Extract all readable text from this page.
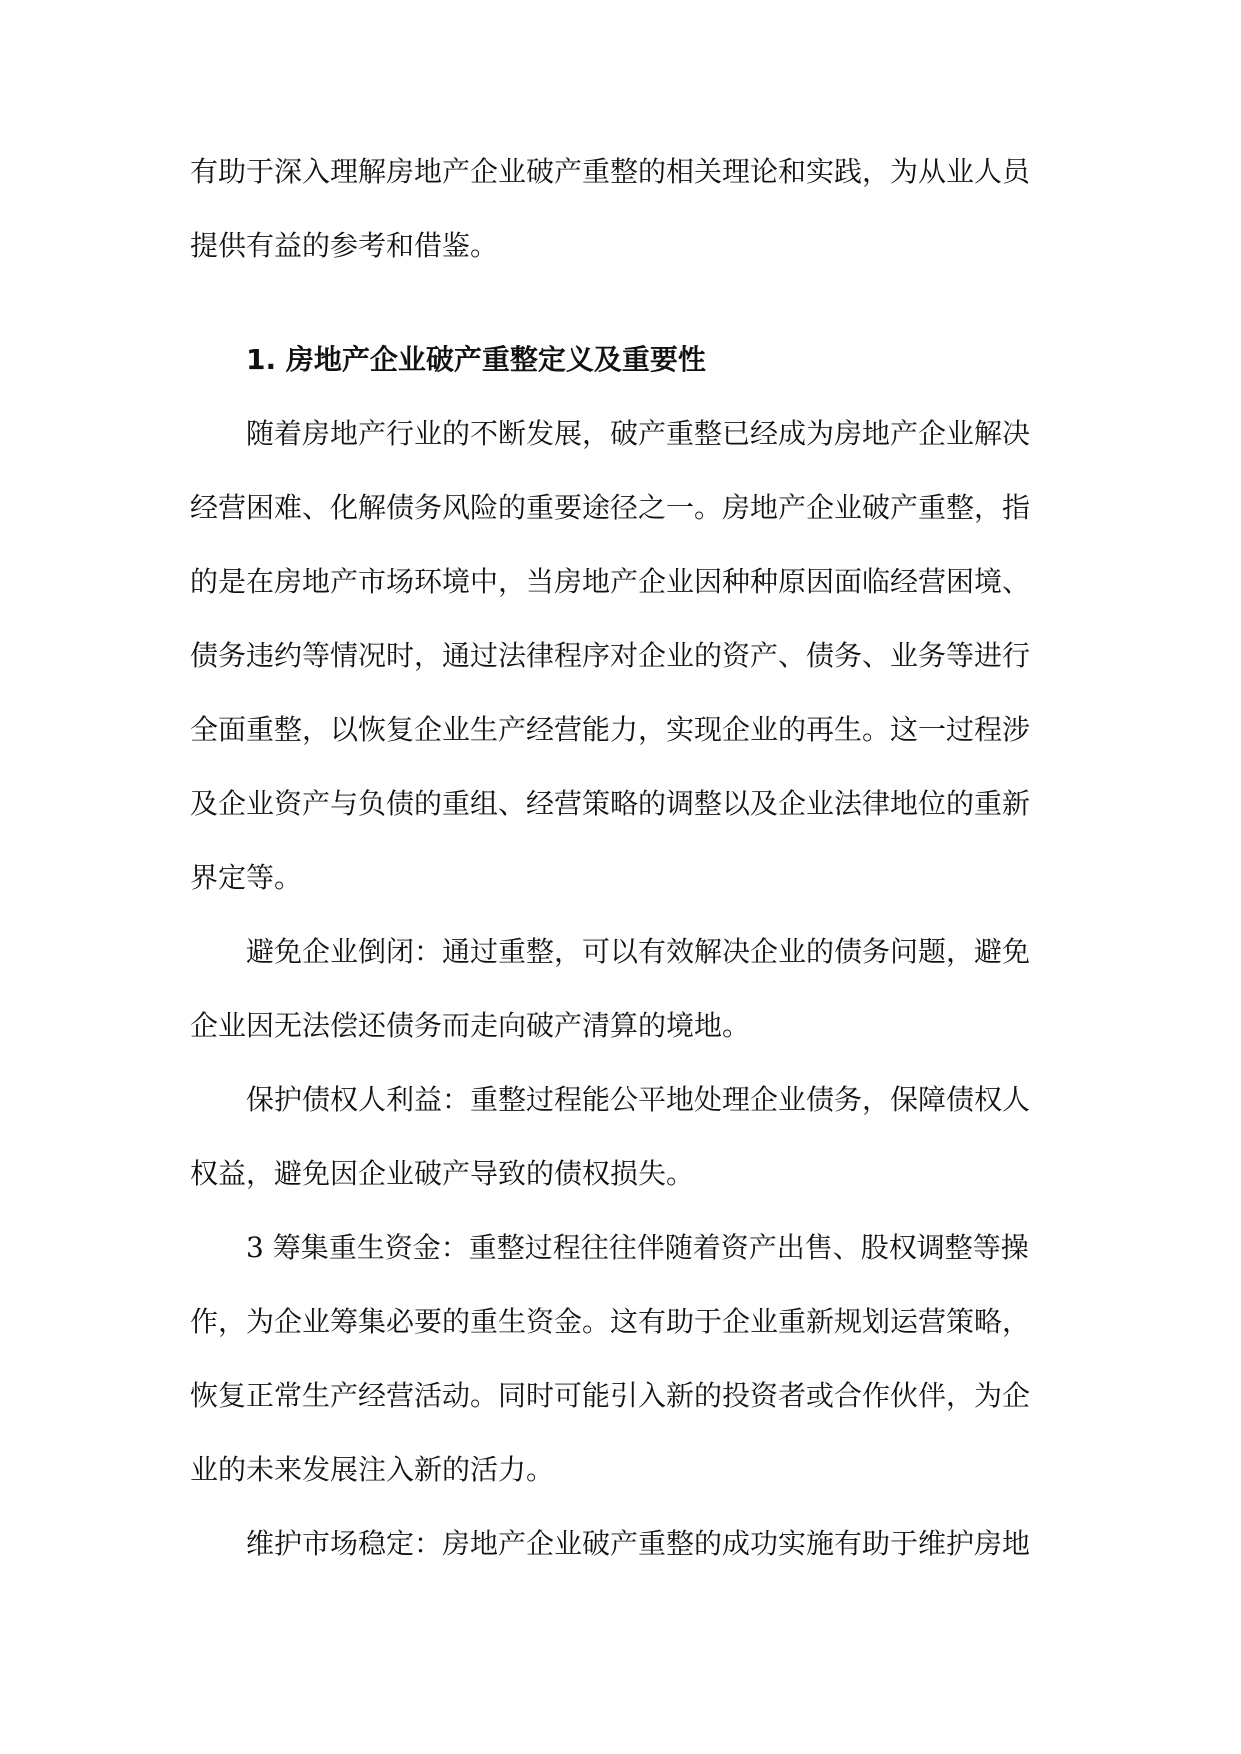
有助于深入理解房地产企业破产重整的相关理论和实践，为从业人员
提供有益的参考和借鉴。

1. 房地产企业破产重整定义及重要性

随着房地产行业的不断发展，破产重整已经成为房地产企业解决
经营困难、化解债务风险的重要途径之一。房地产企业破产重整，指
的是在房地产市场环境中，当房地产企业因种种原因面临经营困境、
债务违约等情况时，通过法律程序对企业的资产、债务、业务等进行
全面重整，以恢复企业生产经营能力，实现企业的再生。这一过程涉
及企业资产与负债的重组、经营策略的调整以及企业法律地位的重新
界定等。

避免企业倒闭：通过重整，可以有效解决企业的债务问题，避免
企业因无法偿还债务而走向破产清算的境地。

保护债权人利益：重整过程能公平地处理企业债务，保障债权人
权益，避免因企业破产导致的债权损失。

3 筹集重生资金：重整过程往往伴随着资产出售、股权调整等操
作，为企业筹集必要的重生资金。这有助于企业重新规划运营策略，
恢复正常生产经营活动。同时可能引入新的投资者或合作伙伴，为企
业的未来发展注入新的活力。

维护市场稳定：房地产企业破产重整的成功实施有助于维护房地
